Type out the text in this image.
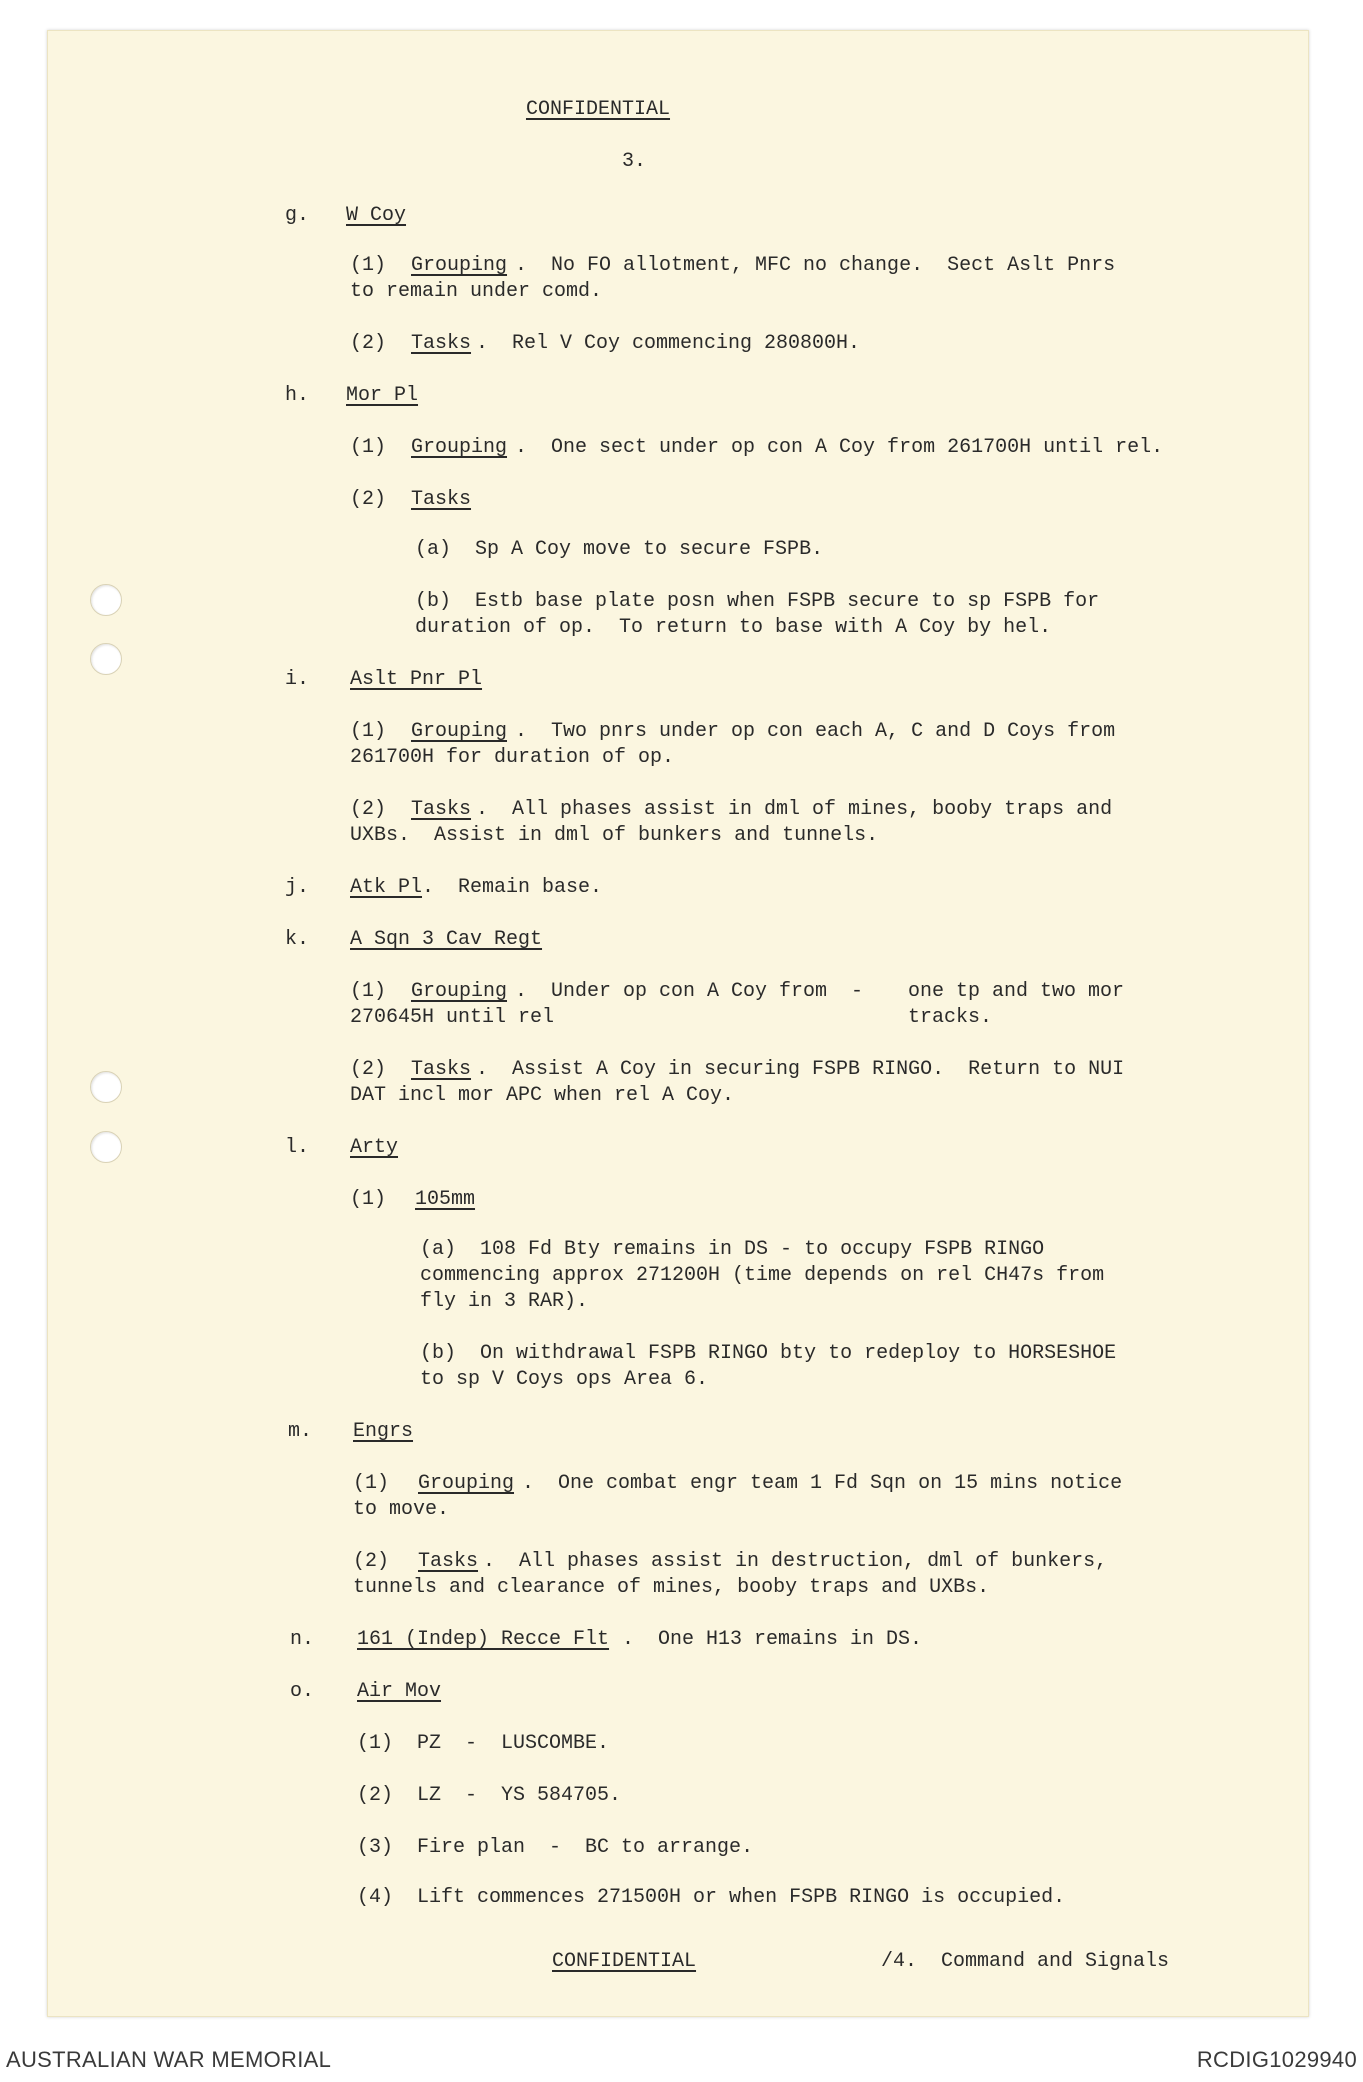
CONFIDENTIAL
3.
g. W Coy
(1) Grouping .  No FO allotment, MFC no change.  Sect Aslt Pnrs
to remain under comd.
(2) Tasks .  Rel V Coy commencing 280800H.
h. Mor Pl
(1) Grouping .  One sect under op con A Coy from 261700H until rel.
(2) Tasks
(a)  Sp A Coy move to secure FSPB.
(b)  Estb base plate posn when FSPB secure to sp FSPB for
duration of op.  To return to base with A Coy by hel.
i. Aslt Pnr Pl
(1) Grouping .  Two pnrs under op con each A, C and D Coys from
261700H for duration of op.
(2) Tasks .  All phases assist in dml of mines, booby traps and
UXBs.  Assist in dml of bunkers and tunnels.
j. Atk Pl .  Remain base.
k. A Sqn 3 Cav Regt
(1) Grouping .  Under op con A Coy from  -
270645H until rel
one tp and two mor
tracks.
(2) Tasks .  Assist A Coy in securing FSPB RINGO.  Return to NUI
DAT incl mor APC when rel A Coy.
l. Arty
(1) 105mm
(a)  108 Fd Bty remains in DS - to occupy FSPB RINGO
commencing approx 271200H (time depends on rel CH47s from
fly in 3 RAR).
(b)  On withdrawal FSPB RINGO bty to redeploy to HORSESHOE
to sp V Coys ops Area 6.
m. Engrs
(1) Grouping .  One combat engr team 1 Fd Sqn on 15 mins notice
to move.
(2) Tasks .  All phases assist in destruction, dml of bunkers,
tunnels and clearance of mines, booby traps and UXBs.
n. 161 (Indep) Recce Flt .  One H13 remains in DS.
o. Air Mov
(1)  PZ  -  LUSCOMBE.
(2)  LZ  -  YS 584705.
(3)  Fire plan  -  BC to arrange.
(4)  Lift commences 271500H or when FSPB RINGO is occupied.
CONFIDENTIAL	/4.  Command and Signals
AUSTRALIAN WAR MEMORIAL	RCDIG1029940
